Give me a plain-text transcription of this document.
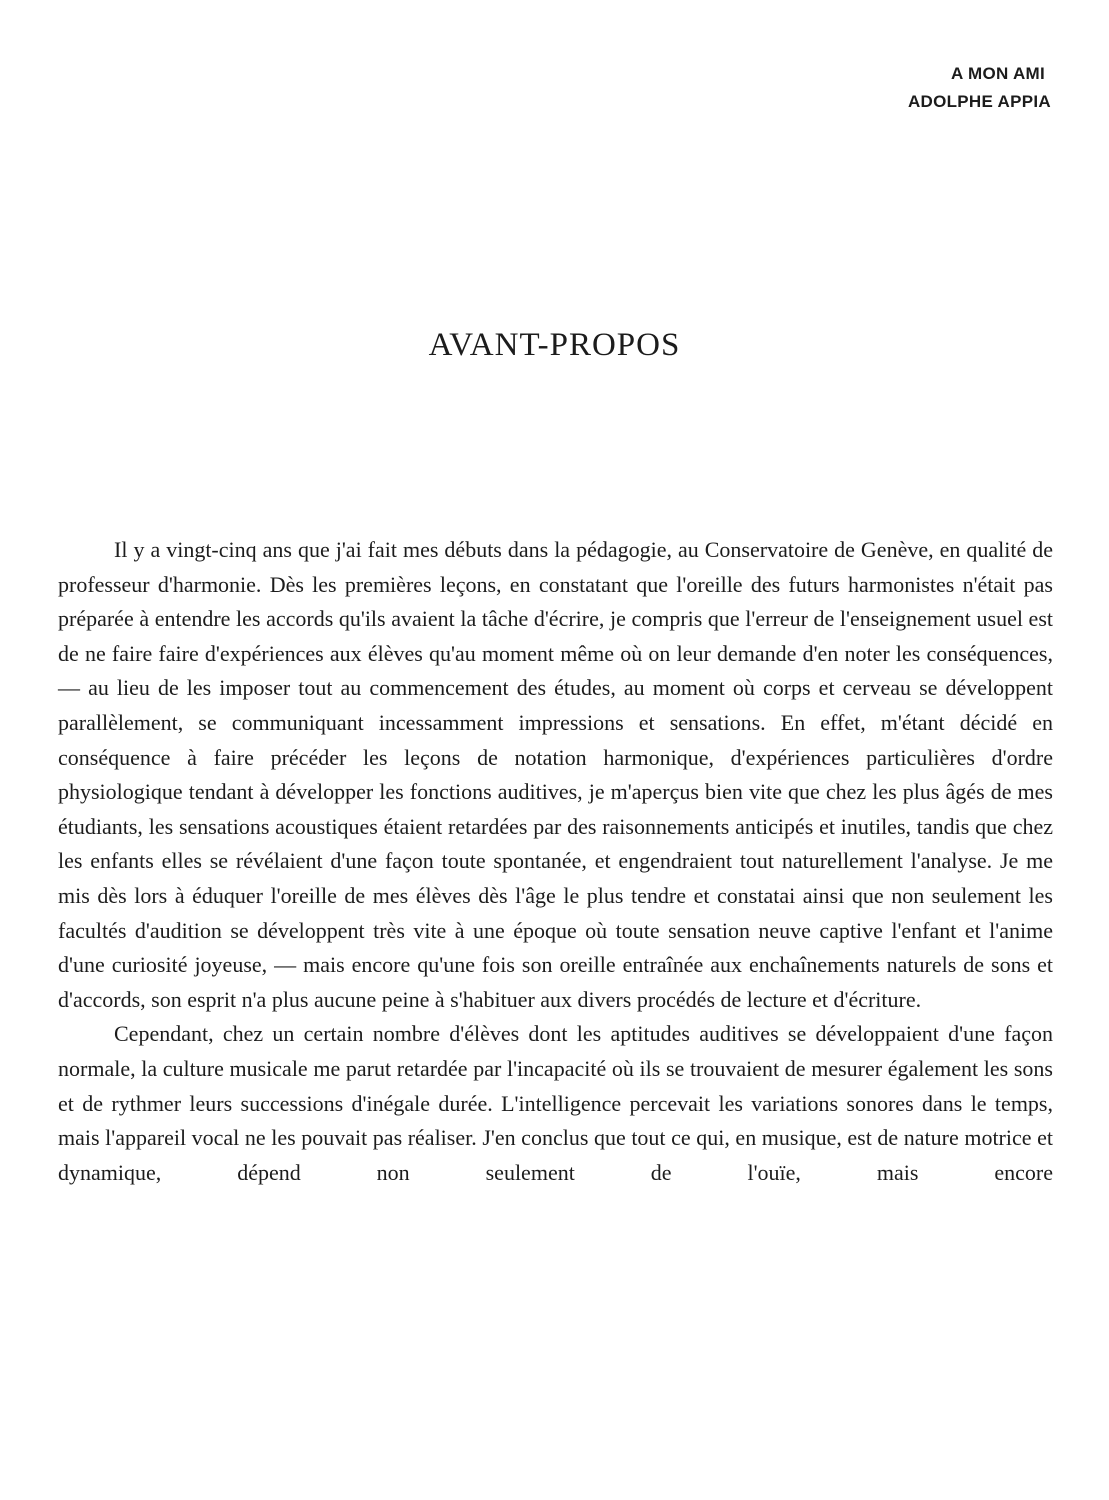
A MON AMI
ADOLPHE APPIA
AVANT-PROPOS

Il y a vingt-cinq ans que j'ai fait mes débuts dans la pédagogie, au Conservatoire de Genève, en qualité de professeur d'harmonie. Dès les premières leçons, en constatant que l'oreille des futurs harmonistes n'était pas préparée à entendre les accords qu'ils avaient la tâche d'écrire, je compris que l'erreur de l'enseignement usuel est de ne faire faire d'expériences aux élèves qu'au moment même où on leur demande d'en noter les conséquences, — au lieu de les imposer tout au commencement des études, au moment où corps et cerveau se développent parallèlement, se communiquant incessamment impressions et sensations. En effet, m'étant décidé en conséquence à faire précéder les leçons de notation harmonique, d'expériences particulières d'ordre physiologique tendant à développer les fonctions auditives, je m'aperçus bien vite que chez les plus âgés de mes étudiants, les sensations acoustiques étaient retardées par des raisonnements anticipés et inutiles, tandis que chez les enfants elles se révélaient d'une façon toute spontanée, et engendraient tout naturellement l'analyse. Je me mis dès lors à éduquer l'oreille de mes élèves dès l'âge le plus tendre et constatai ainsi que non seulement les facultés d'audition se développent très vite à une époque où toute sensation neuve captive l'enfant et l'anime d'une curiosité joyeuse, — mais encore qu'une fois son oreille entraînée aux enchaînements naturels de sons et d'accords, son esprit n'a plus aucune peine à s'habituer aux divers procédés de lecture et d'écriture.

Cependant, chez un certain nombre d'élèves dont les aptitudes auditives se développaient d'une façon normale, la culture musicale me parut retardée par l'incapacité où ils se trouvaient de mesurer également les sons et de rythmer leurs successions d'inégale durée. L'intelligence percevait les variations sonores dans le temps, mais l'appareil vocal ne les pouvait pas réaliser. J'en conclus que tout ce qui, en musique, est de nature motrice et dynamique, dépend non seulement de l'ouïe, mais encore
